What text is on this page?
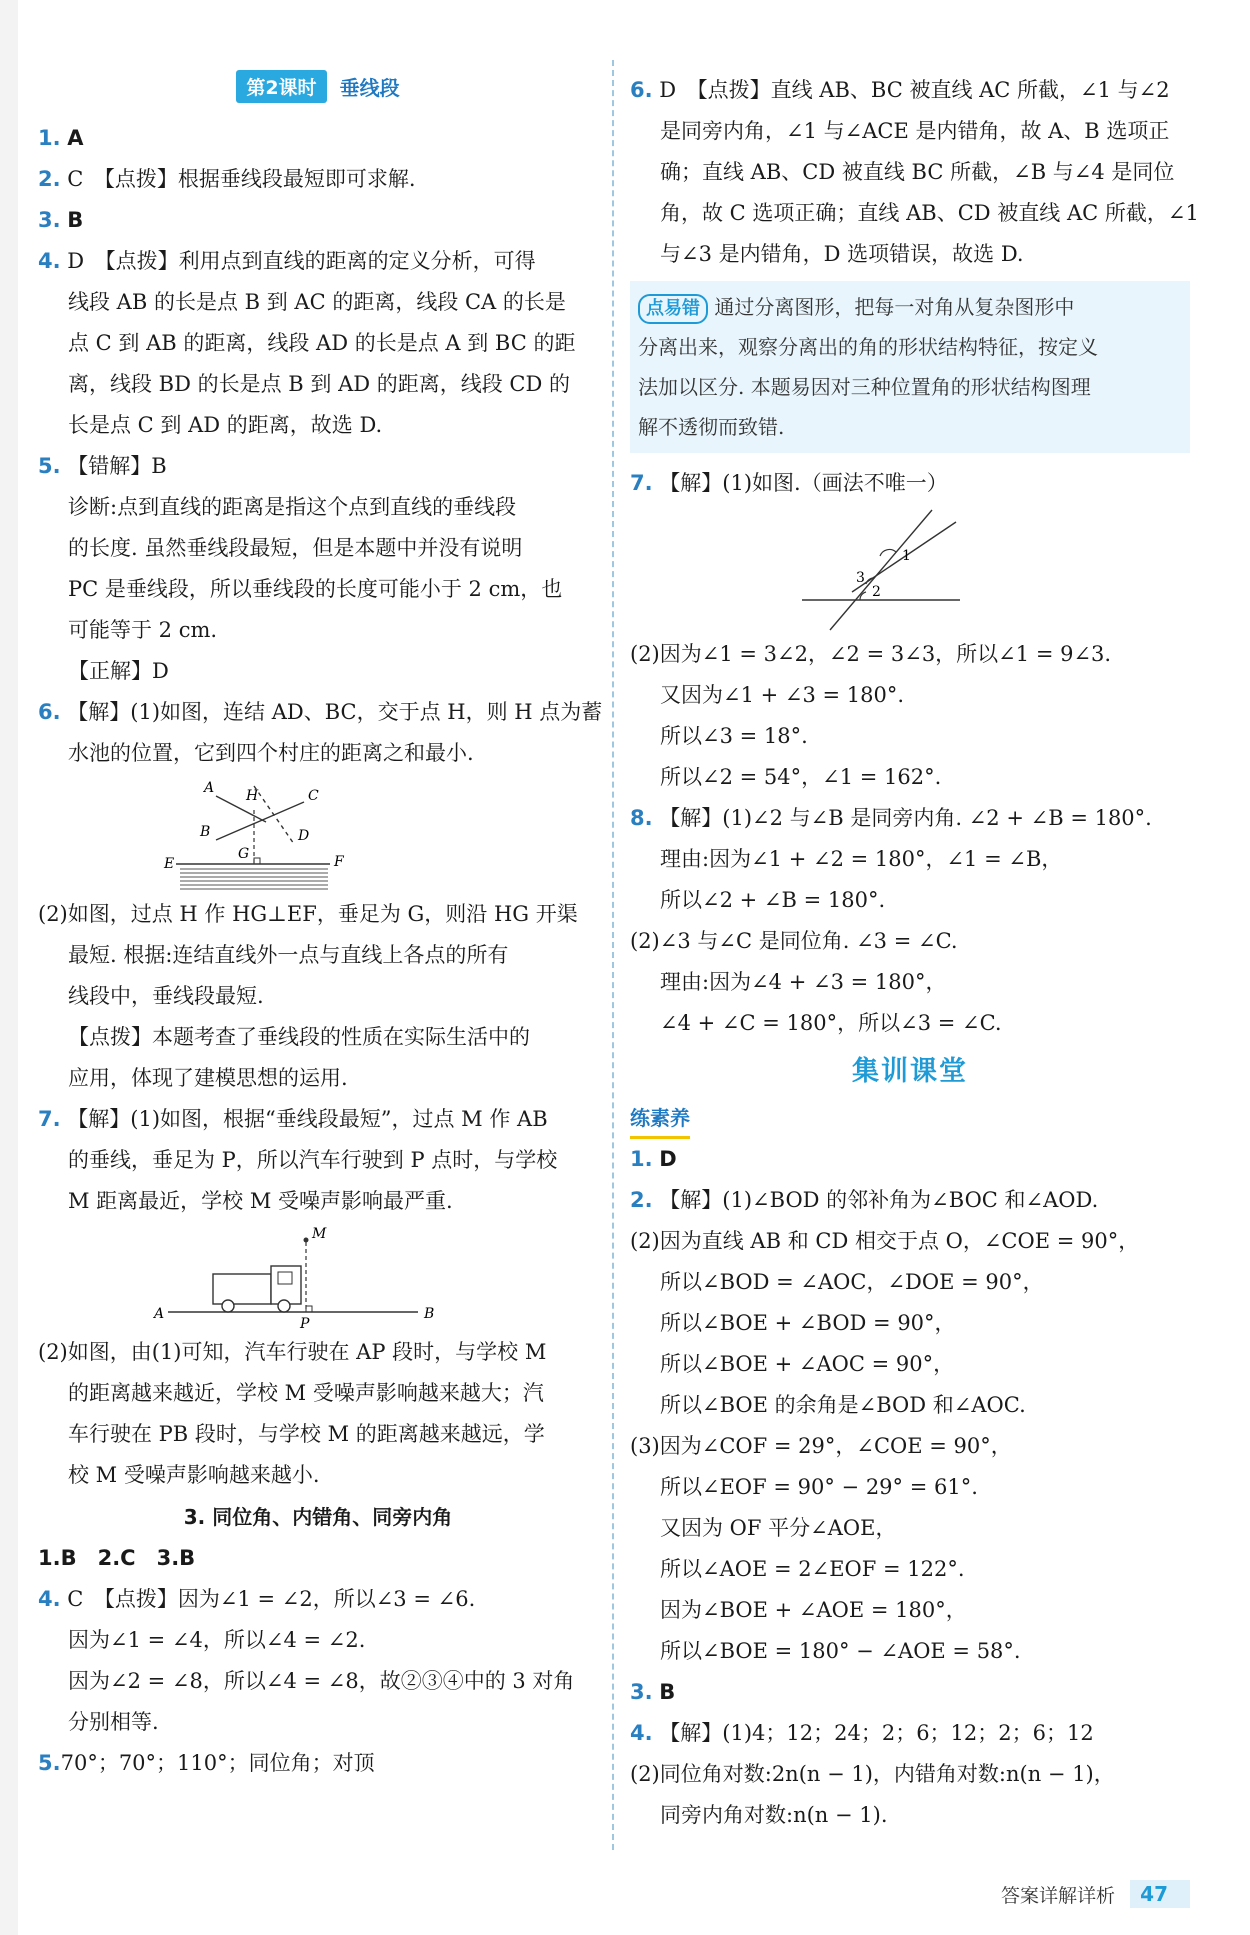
第2课时 垂线段
1. A
2. C　【点拨】根据垂线段最短即可求解.
3. B
4. D　【点拨】利用点到直线的距离的定义分析，可得
线段 AB 的长是点 B 到 AC 的距离，线段 CA 的长是
点 C 到 AB 的距离，线段 AD 的长是点 A 到 BC 的距
离，线段 BD 的长是点 B 到 AD 的距离，线段 CD 的
长是点 C 到 AD 的距离，故选 D.
5. 【错解】B
诊断:点到直线的距离是指这个点到直线的垂线段
的长度. 虽然垂线段最短，但是本题中并没有说明
PC 是垂线段，所以垂线段的长度可能小于 2 cm，也
可能等于 2 cm.
【正解】D
6. 【解】(1)如图，连结 AD、BC，交于点 H，则 H 点为蓄
水池的位置，它到四个村庄的距离之和最小.
A H	C
B	D
E
G	F
(2)如图，过点 H 作 HG⊥EF，垂足为 G，则沿 HG 开渠
最短. 根据:连结直线外一点与直线上各点的所有
线段中，垂线段最短.
【点拨】本题考查了垂线段的性质在实际生活中的
应用，体现了建模思想的运用.
7. 【解】(1)如图，根据“垂线段最短”，过点 M 作 AB
的垂线，垂足为 P，所以汽车行驶到 P 点时，与学校
M 距离最近，学校 M 受噪声影响最严重.
M
A
P
B
(2)如图，由(1)可知，汽车行驶在 AP 段时，与学校 M
的距离越来越近，学校 M 受噪声影响越来越大；汽
车行驶在 PB 段时，与学校 M 的距离越来越远，学
校 M 受噪声影响越来越小.
3. 同位角、内错角、同旁内角
1.B　2.C　3.B
4. C　【点拨】因为∠1 = ∠2，所以∠3 = ∠6.
因为∠1 = ∠4，所以∠4 = ∠2.
因为∠2 = ∠8，所以∠4 = ∠8，故②③④中的 3 对角
分别相等.
5.70°；70°；110°；同位角；对顶
6. D　【点拨】直线 AB、BC 被直线 AC 所截，∠1 与∠2
是同旁内角，∠1 与∠ACE 是内错角，故 A、B 选项正
确；直线 AB、CD 被直线 BC 所截，∠B 与∠4 是同位
角，故 C 选项正确；直线 AB、CD 被直线 AC 所截，∠1
与∠3 是内错角，D 选项错误，故选 D.
点易错 通过分离图形，把每一对角从复杂图形中
分离出来，观察分离出的角的形状结构特征，按定义
法加以区分. 本题易因对三种位置角的形状结构图理
解不透彻而致错.
7. 【解】(1)如图.（画法不唯一）
1
3
2
(2)因为∠1 = 3∠2，∠2 = 3∠3，所以∠1 = 9∠3.
又因为∠1 + ∠3 = 180°.
所以∠3 = 18°.
所以∠2 = 54°，∠1 = 162°.
8. 【解】(1)∠2 与∠B 是同旁内角. ∠2 + ∠B = 180°.
理由:因为∠1 + ∠2 = 180°，∠1 = ∠B，
所以∠2 + ∠B = 180°.
(2)∠3 与∠C 是同位角. ∠3 = ∠C.
理由:因为∠4 + ∠3 = 180°，
∠4 + ∠C = 180°，所以∠3 = ∠C.
集训课堂
练素养
1. D
2. 【解】(1)∠BOD 的邻补角为∠BOC 和∠AOD.
(2)因为直线 AB 和 CD 相交于点 O，∠COE = 90°，
所以∠BOD = ∠AOC，∠DOE = 90°，
所以∠BOE + ∠BOD = 90°，
所以∠BOE + ∠AOC = 90°，
所以∠BOE 的余角是∠BOD 和∠AOC.
(3)因为∠COF = 29°，∠COE = 90°，
所以∠EOF = 90° − 29° = 61°.
又因为 OF 平分∠AOE，
所以∠AOE = 2∠EOF = 122°.
因为∠BOE + ∠AOE = 180°，
所以∠BOE = 180° − ∠AOE = 58°.
3. B
4. 【解】(1)4；12；24；2；6；12；2；6；12
(2)同位角对数:2n(n − 1)，内错角对数:n(n − 1)，
同旁内角对数:n(n − 1).
答案详解详析 47
